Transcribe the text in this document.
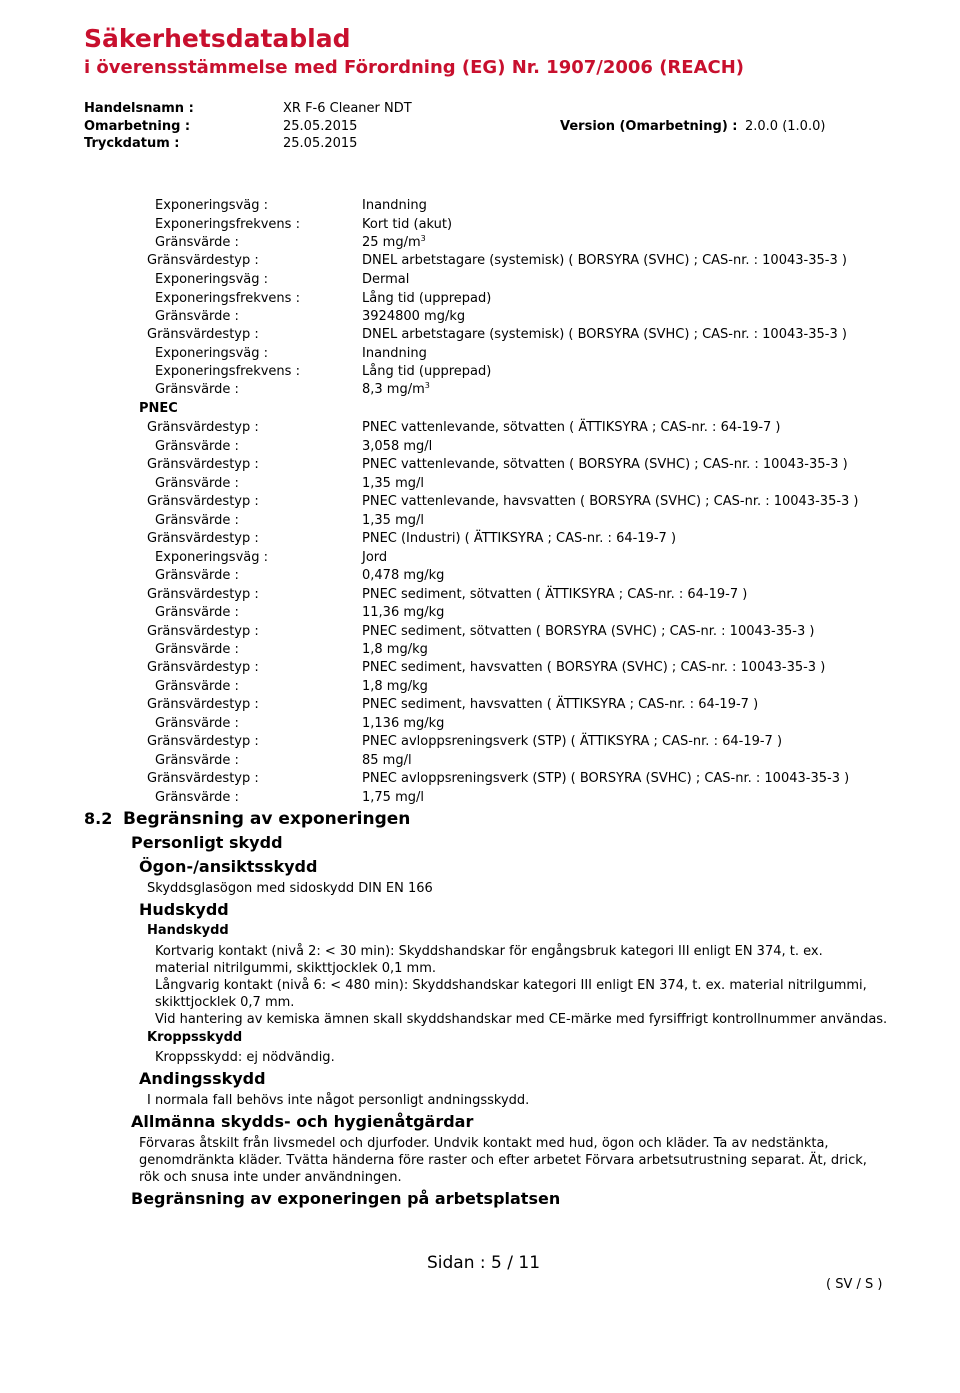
Säkerhetsdatablad
i överensstämmelse med Förordning (EG) Nr. 1907/2006 (REACH)
Handelsnamn :	XR F-6 Cleaner NDT
Omarbetning :	25.05.2015	Version (Omarbetning) : 2.0.0 (1.0.0)
Tryckdatum :	25.05.2015
Exponeringsväg :	Inandning
Exponeringsfrekvens :	Kort tid (akut)
Gränsvärde :	25 $mg/m^3$
Gränsvärdestyp :	DNEL arbetstagare (systemisk) ( BORSYRA (SVHC) ; CAS-nr. : 10043-35-3 )
Exponeringsväg :	Dermal
Exponeringsfrekvens :	Lång tid (upprepad)
Gränsvärde :	3924800 mg/kg
Gränsvärdestyp :	DNEL arbetstagare (systemisk) ( BORSYRA (SVHC) ; CAS-nr. : 10043-35-3 )
Exponeringsväg :	Inandning
Exponeringsfrekvens :	Lång tid (upprepad)
Gränsvärde :	8,3 $mg/m^3$
PNEC
Gränsvärdestyp :	PNEC vattenlevande, sötvatten ( ÄTTIKSYRA ; CAS-nr. : 64-19-7 )
Gränsvärde :	3,058 mg/l
Gränsvärdestyp :	PNEC vattenlevande, sötvatten ( BORSYRA (SVHC) ; CAS-nr. : 10043-35-3 )
Gränsvärde :	1,35 mg/l
Gränsvärdestyp :	PNEC vattenlevande, havsvatten ( BORSYRA (SVHC) ; CAS-nr. : 10043-35-3 )
Gränsvärde :	1,35 mg/l
Gränsvärdestyp :	PNEC (Industri) ( ÄTTIKSYRA ; CAS-nr. : 64-19-7 )
Exponeringsväg :	Jord
Gränsvärde :	0,478 mg/kg
Gränsvärdestyp :	PNEC sediment, sötvatten ( ÄTTIKSYRA ; CAS-nr. : 64-19-7 )
Gränsvärde :	11,36 mg/kg
Gränsvärdestyp :	PNEC sediment, sötvatten ( BORSYRA (SVHC) ; CAS-nr. : 10043-35-3 )
Gränsvärde :	1,8 mg/kg
Gränsvärdestyp :	PNEC sediment, havsvatten ( BORSYRA (SVHC) ; CAS-nr. : 10043-35-3 )
Gränsvärde :	1,8 mg/kg
Gränsvärdestyp :	PNEC sediment, havsvatten ( ÄTTIKSYRA ; CAS-nr. : 64-19-7 )
Gränsvärde :	1,136 mg/kg
Gränsvärdestyp :	PNEC avloppsreningsverk (STP) ( ÄTTIKSYRA ; CAS-nr. : 64-19-7 )
Gränsvärde :	85 mg/l
Gränsvärdestyp :	PNEC avloppsreningsverk (STP) ( BORSYRA (SVHC) ; CAS-nr. : 10043-35-3 )
Gränsvärde :	1,75 mg/l
8.2 Begränsning av exponeringen
Personligt skydd
Ögon-/ansiktsskydd
Skyddsglasögon med sidoskydd DIN EN 166
Hudskydd
Handskydd
Kortvarig kontakt (nivå 2: < 30 min): Skyddshandskar för engångsbruk kategori III enligt EN 374, t. ex. material nitrilgummi, skikttjocklek 0,1 mm.
Långvarig kontakt (nivå 6: < 480 min): Skyddshandskar kategori III enligt EN 374, t. ex. material nitrilgummi, skikttjocklek 0,7 mm.
Vid hantering av kemiska ämnen skall skyddshandskar med CE-märke med fyrsiffrigt kontrollnummer användas.
Kroppsskydd
Kroppsskydd: ej nödvändig.
Andingsskydd
I normala fall behövs inte något personligt andningsskydd.
Allmänna skydds- och hygienåtgärdar
Förvaras åtskilt från livsmedel och djurfoder. Undvik kontakt med hud, ögon och kläder. Ta av nedstänkta, genomdränkta kläder. Tvätta händerna före raster och efter arbetet Förvara arbetsutrustning separat. Ät, drick, rök och snusa inte under användningen.
Begränsning av exponeringen på arbetsplatsen
Sidan : 5 / 11
( SV / S )
